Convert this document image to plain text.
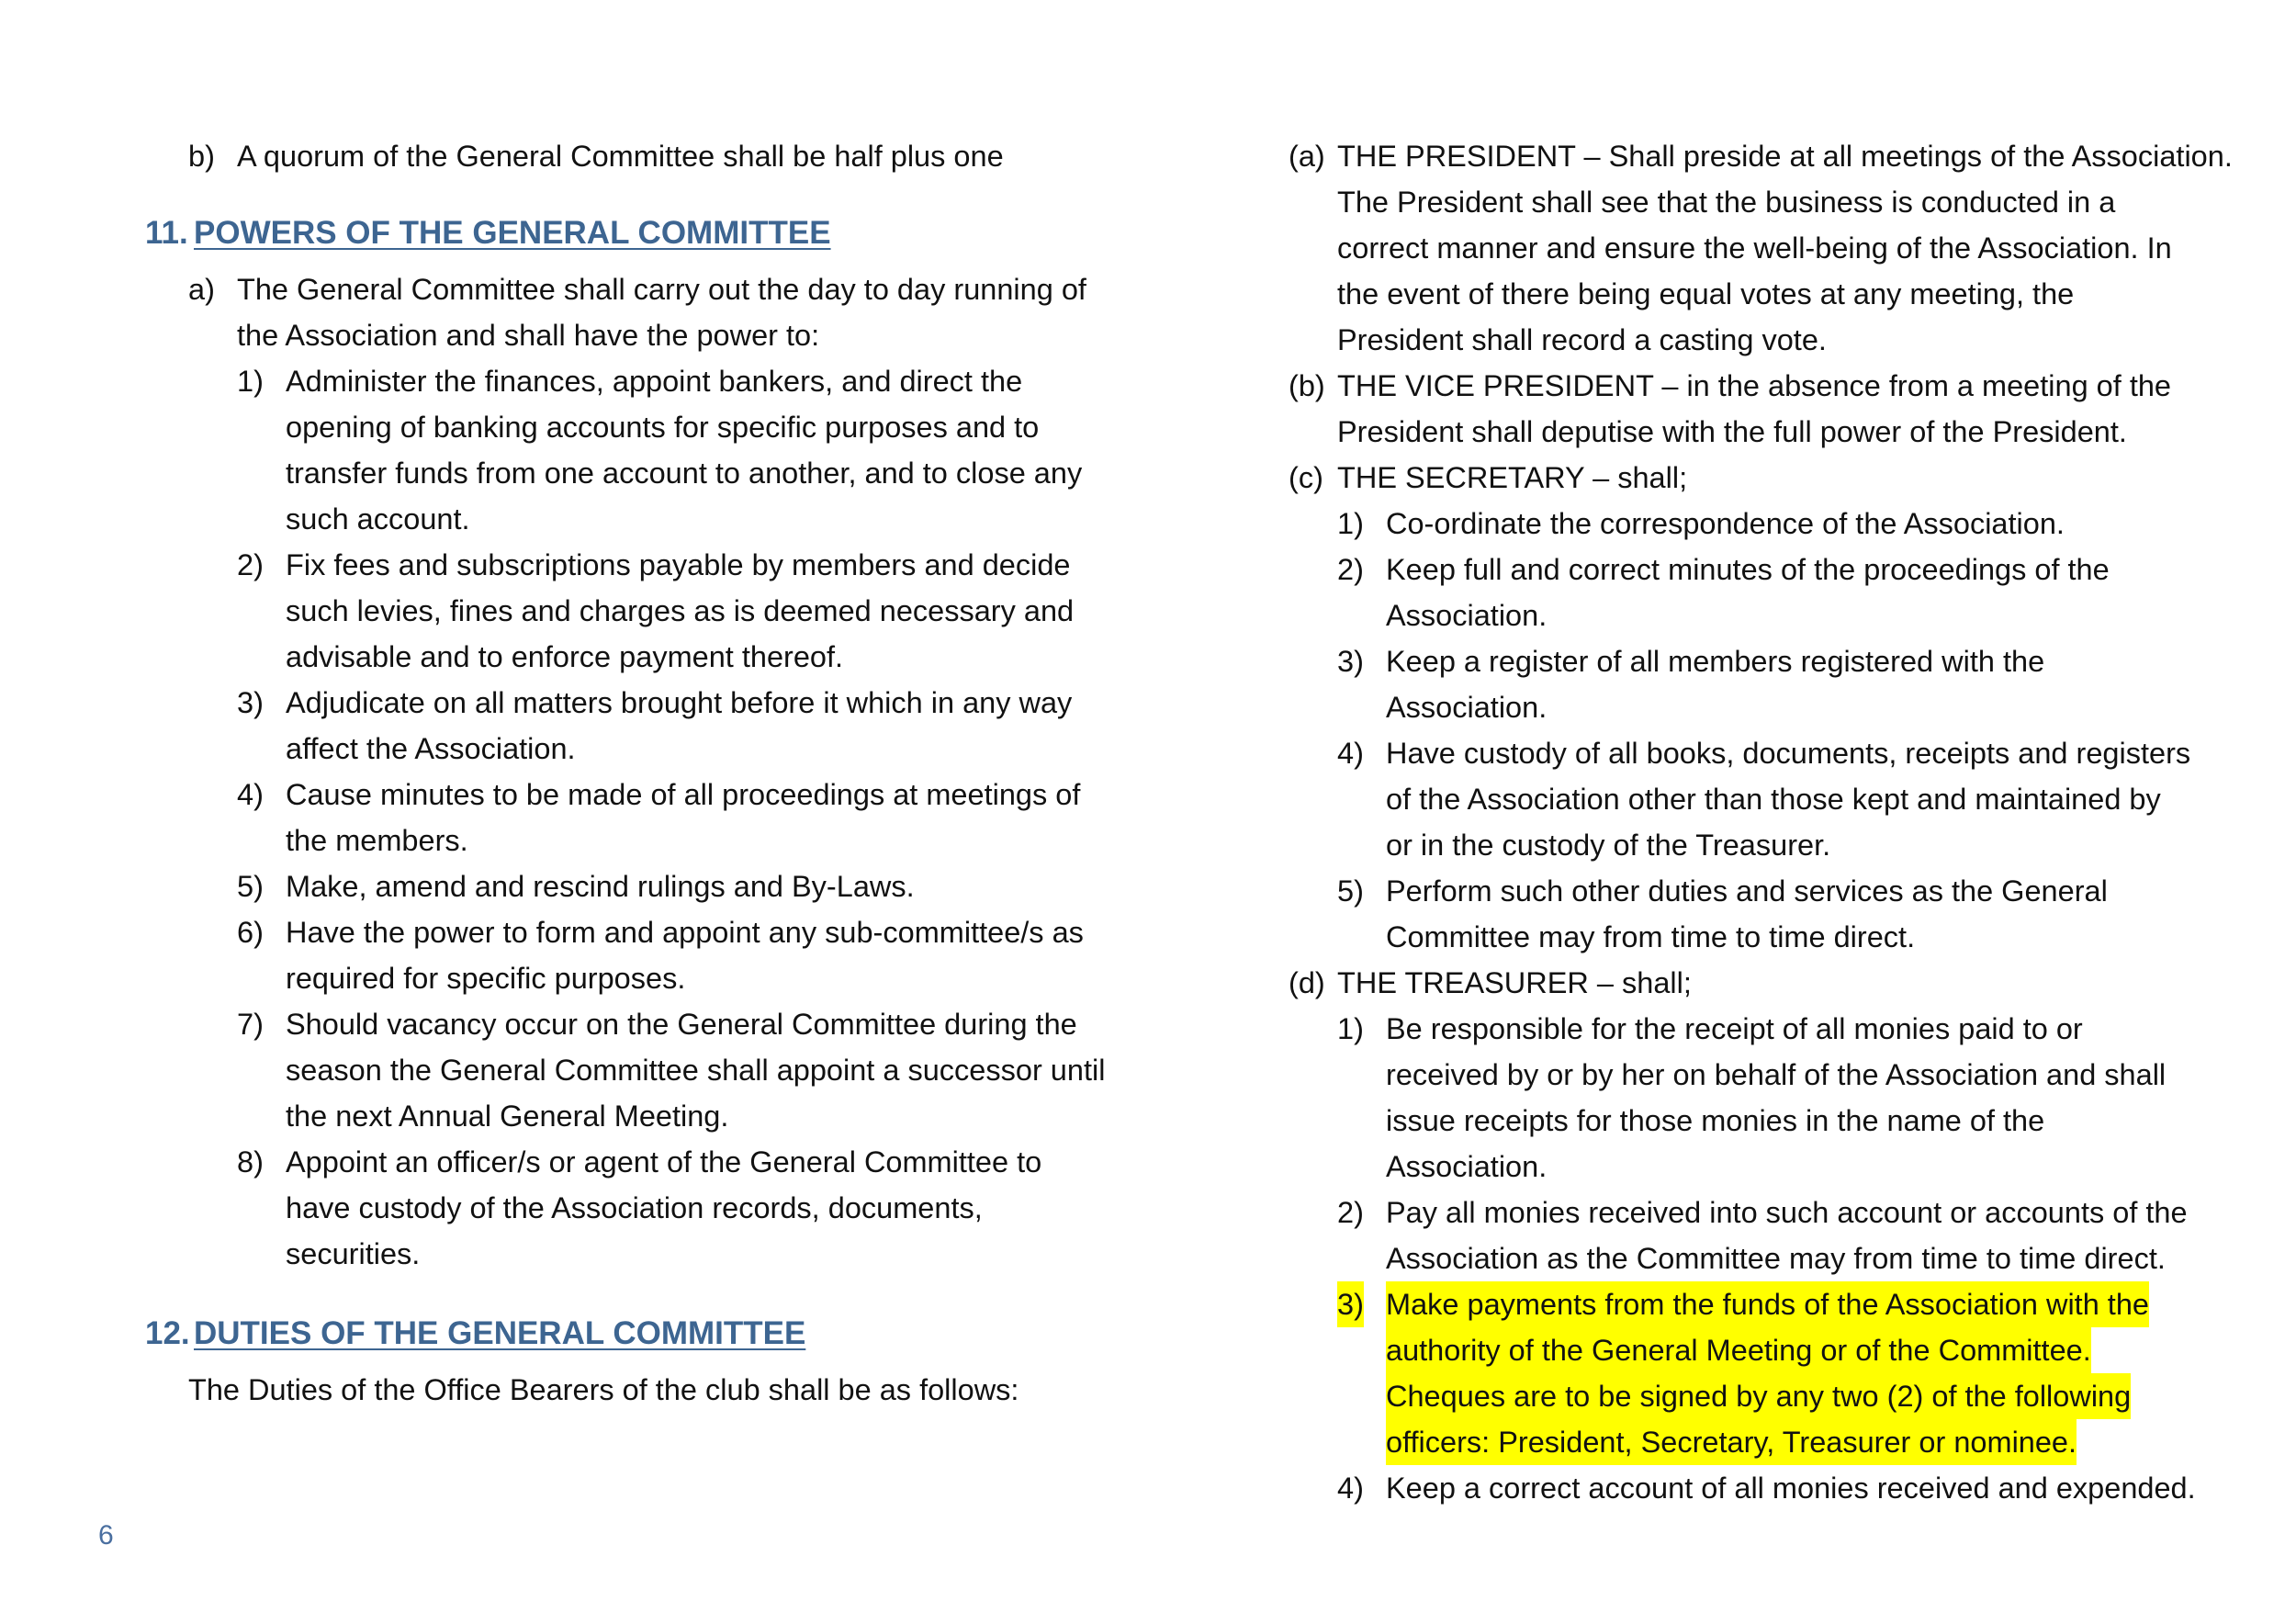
b) A quorum of the General Committee shall be half plus one
11. POWERS OF THE GENERAL COMMITTEE
a) The General Committee shall carry out the day to day running of
the Association and shall have the power to:
1) Administer the finances, appoint bankers, and direct the
opening of banking accounts for specific purposes and to
transfer funds from one account to another, and to close any
such account.
2) Fix fees and subscriptions payable by members and decide
such levies, fines and charges as is deemed necessary and
advisable and to enforce payment thereof.
3) Adjudicate on all matters brought before it which in any way
affect the Association.
4) Cause minutes to be made of all proceedings at meetings of
the members.
5) Make, amend and rescind rulings and By-Laws.
6) Have the power to form and appoint any sub-committee/s as
required for specific purposes.
7) Should vacancy occur on the General Committee during the
season the General Committee shall appoint a successor until
the next Annual General Meeting.
8) Appoint an officer/s or agent of the General Committee to
have custody of the Association records, documents,
securities.
12. DUTIES OF THE GENERAL COMMITTEE
The Duties of the Office Bearers of the club shall be as follows:
(a) THE PRESIDENT – Shall preside at all meetings of the Association.
The President shall see that the business is conducted in a
correct manner and ensure the well-being of the Association. In
the event of there being equal votes at any meeting, the
President shall record a casting vote.
(b) THE VICE PRESIDENT – in the absence from a meeting of the
President shall deputise with the full power of the President.
(c) THE SECRETARY – shall;
1) Co-ordinate the correspondence of the Association.
2) Keep full and correct minutes of the proceedings of the
Association.
3) Keep a register of all members registered with the
Association.
4) Have custody of all books, documents, receipts and registers
of the Association other than those kept and maintained by
or in the custody of the Treasurer.
5) Perform such other duties and services as the General
Committee may from time to time direct.
(d) THE TREASURER – shall;
1) Be responsible for the receipt of all monies paid to or
received by or by her on behalf of the Association and shall
issue receipts for those monies in the name of the
Association.
2) Pay all monies received into such account or accounts of the
Association as the Committee may from time to time direct.
3) Make payments from the funds of the Association with the
authority of the General Meeting or of the Committee.
Cheques are to be signed by any two (2) of the following
officers: President, Secretary, Treasurer or nominee.
4) Keep a correct account of all monies received and expended.
6
